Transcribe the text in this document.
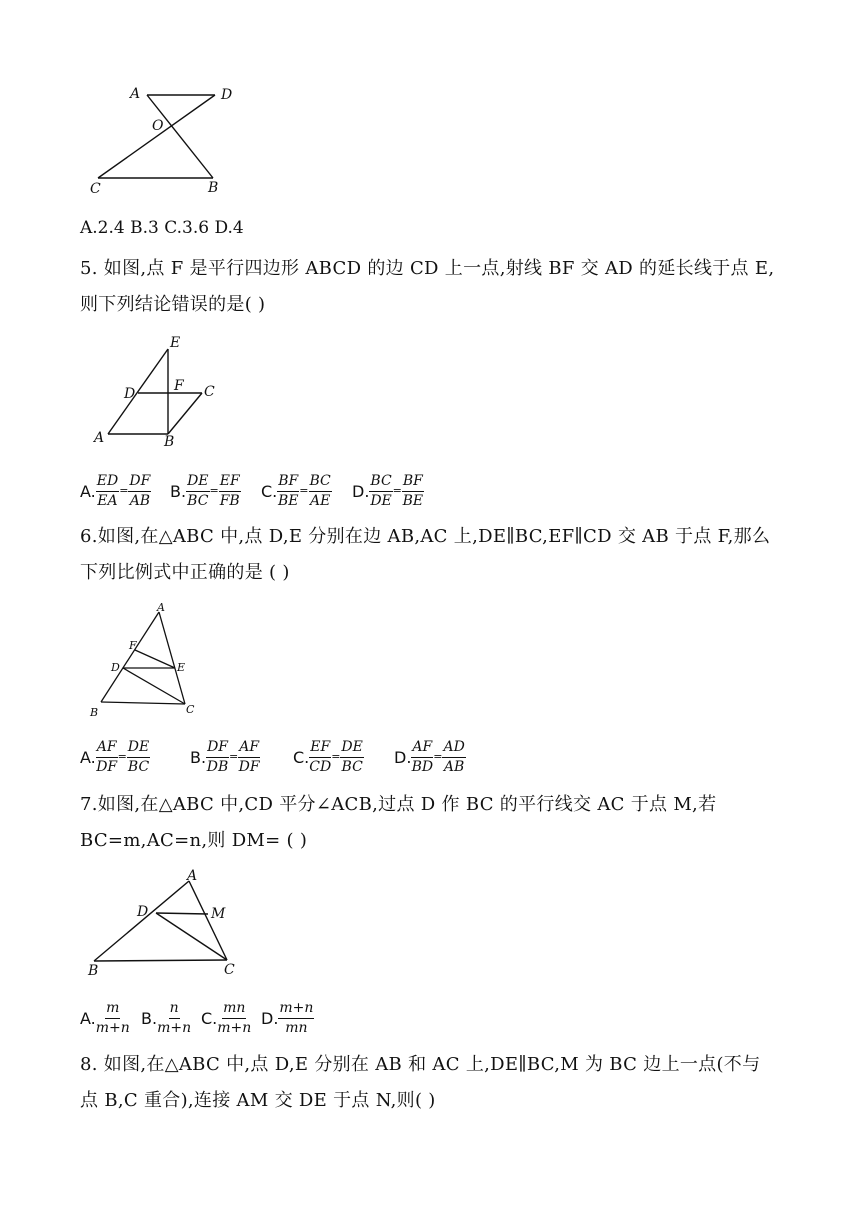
A	D
O
C	B
A.2.4 B.3 C.3.6 D.4
5. 如图,点 F 是平行四边形 ABCD 的边 CD 上一点,射线 BF 交 AD 的延长线于点 E,
则下列结论错误的是( )
E
D	F C
A	B
A. $\frac{ED}{EA} = \frac{DF}{AB} B$. $\frac{DE}{BC} = \frac{EF}{FB} C$. $\frac{BF}{BE} = \frac{BC}{AE} D$. $\frac{BC}{DE} = \frac{BF}{BE}$
6.如图,在△ABC 中,点 D,E 分别在边 AB,AC 上,DE∥BC,EF∥CD 交 AB 于点 F,那么
下列比例式中正确的是 ( )
A
F
D	E
B	C
A. $\frac{AF}{DF} = \frac{DE}{BC} B$. $\frac{DF}{DB} = \frac{AF}{DF} C$. $\frac{EF}{CD} = \frac{DE}{BC} D$. $\frac{AF}{BD} = \frac{AD}{AB}$
7.如图,在△ABC 中,CD 平分∠ACB,过点 D 作 BC 的平行线交 AC 于点 M,若
BC=m,AC=n,则 DM= ( )
A
D	M
B	C
A. $\frac{m}{m+n} B$. $\frac{n}{m+n} C$. $\frac{mn}{m+n} D$. $\frac{m+n}{mn}$
8. 如图,在△ABC 中,点 D,E 分别在 AB 和 AC 上,DE∥BC,M 为 BC 边上一点(不与
点 B,C 重合),连接 AM 交 DE 于点 N,则( )
